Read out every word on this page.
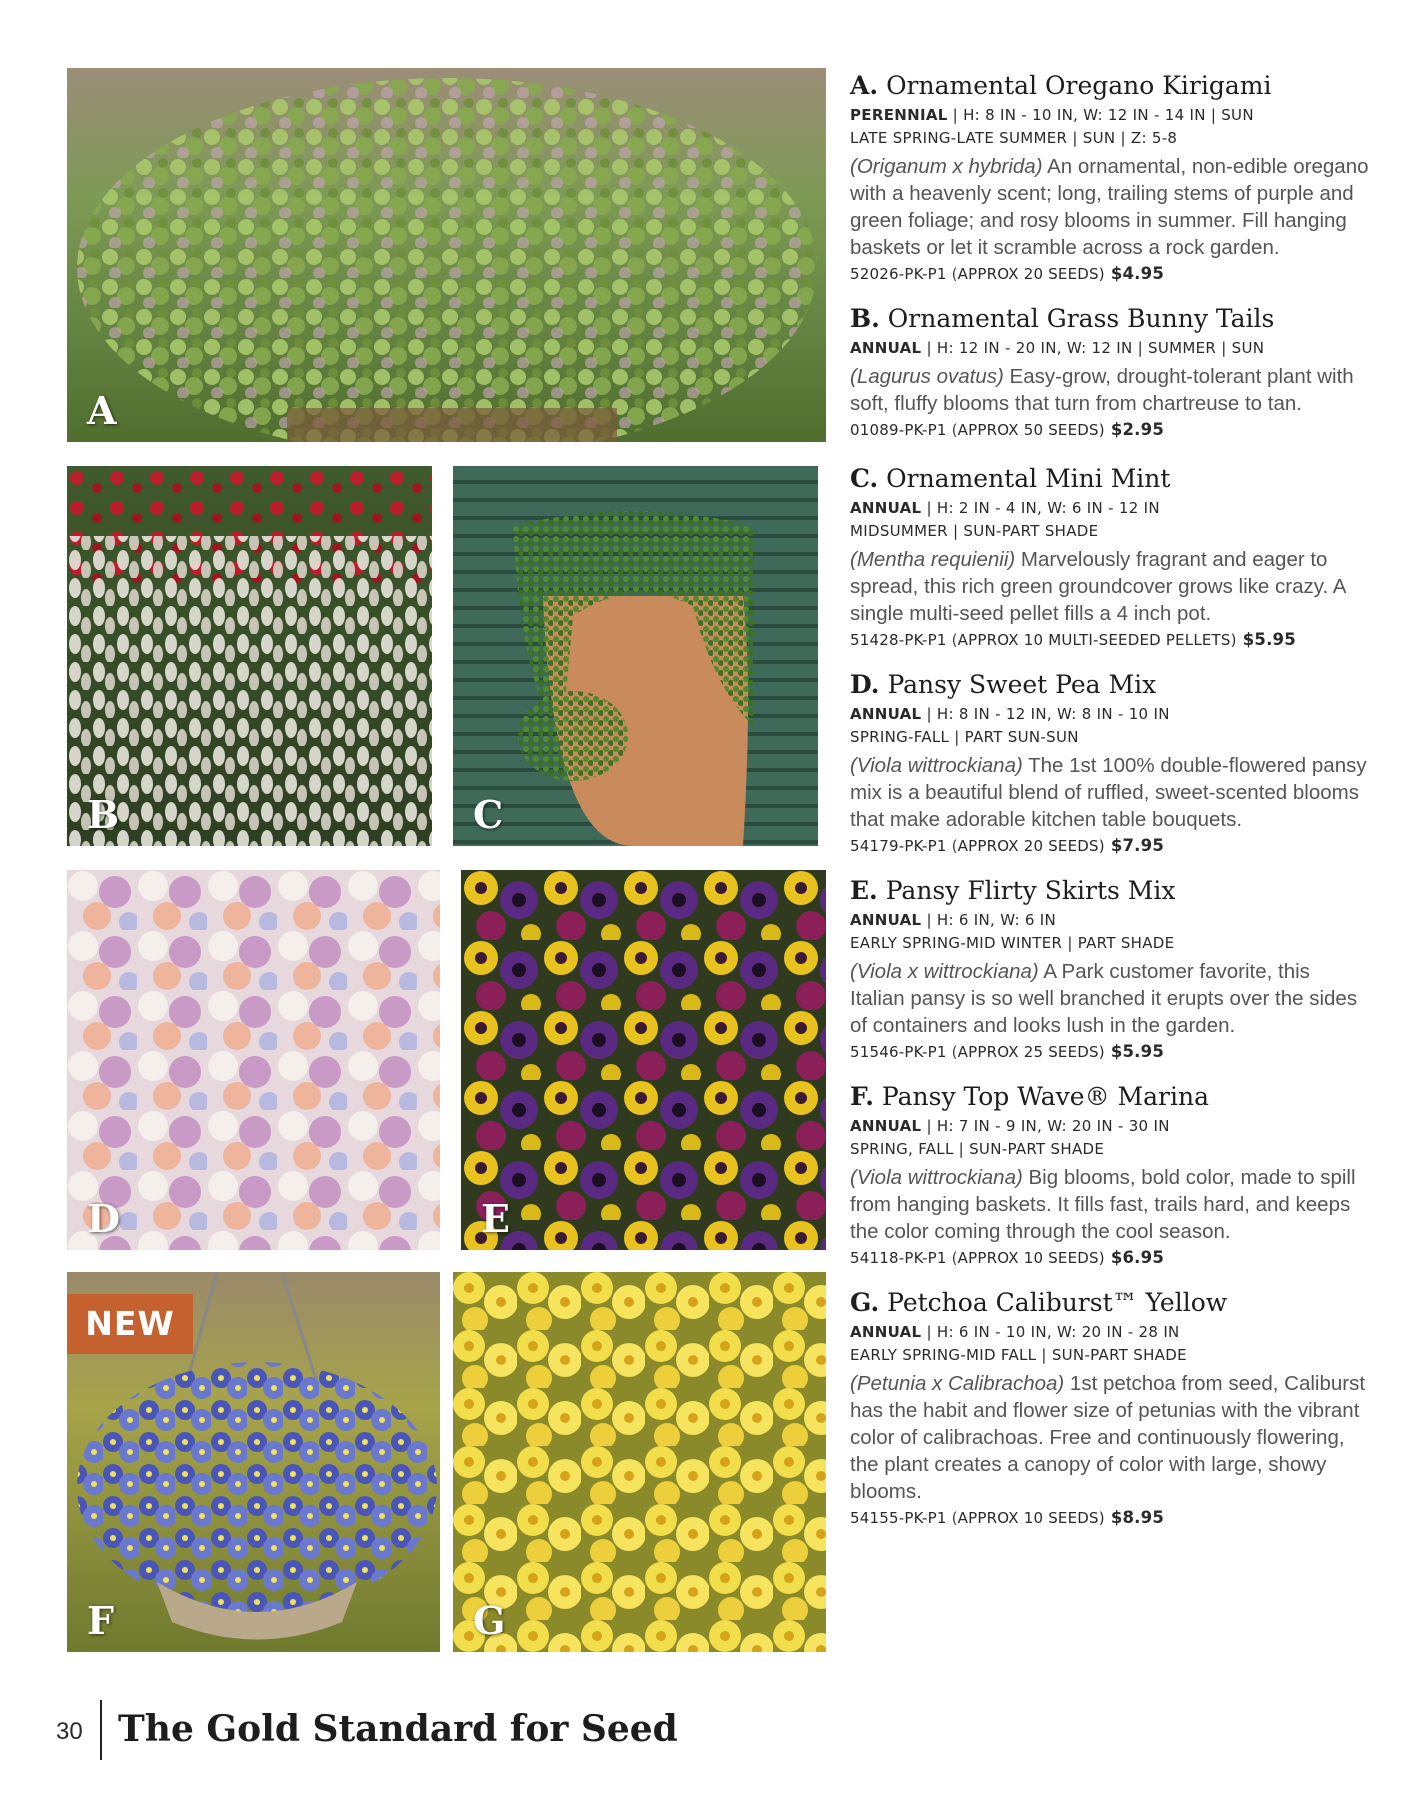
A
B	C
D	E
NEW
F	G
A. Ornamental Oregano Kirigami
PERENNIAL | H: 8 IN - 10 IN, W: 12 IN - 14 IN | SUN
LATE SPRING-LATE SUMMER | SUN | Z: 5-8
(Origanum x hybrida) An ornamental, non-edible oregano with a heavenly scent; long, trailing stems of purple and green foliage; and rosy blooms in summer. Fill hanging baskets or let it scramble across a rock garden.
52026-PK-P1 (APPROX 20 SEEDS) $4.95
B. Ornamental Grass Bunny Tails
ANNUAL | H: 12 IN - 20 IN, W: 12 IN | SUMMER | SUN
(Lagurus ovatus) Easy-grow, drought-tolerant plant with soft, fluffy blooms that turn from chartreuse to tan.
01089-PK-P1 (APPROX 50 SEEDS) $2.95
C. Ornamental Mini Mint
ANNUAL | H: 2 IN - 4 IN, W: 6 IN - 12 IN
MIDSUMMER | SUN-PART SHADE
(Mentha requienii) Marvelously fragrant and eager to spread, this rich green groundcover grows like crazy. A single multi-seed pellet fills a 4 inch pot.
51428-PK-P1 (APPROX 10 MULTI-SEEDED PELLETS) $5.95
D. Pansy Sweet Pea Mix
ANNUAL | H: 8 IN - 12 IN, W: 8 IN - 10 IN
SPRING-FALL | PART SUN-SUN
(Viola wittrockiana) The 1st 100% double-flowered pansy mix is a beautiful blend of ruffled, sweet-scented blooms that make adorable kitchen table bouquets.
54179-PK-P1 (APPROX 20 SEEDS) $7.95
E. Pansy Flirty Skirts Mix
ANNUAL | H: 6 IN, W: 6 IN
EARLY SPRING-MID WINTER | PART SHADE
(Viola x wittrockiana) A Park customer favorite, this Italian pansy is so well branched it erupts over the sides of containers and looks lush in the garden.
51546-PK-P1 (APPROX 25 SEEDS) $5.95
F. Pansy Top Wave® Marina
ANNUAL | H: 7 IN - 9 IN, W: 20 IN - 30 IN
SPRING, FALL | SUN-PART SHADE
(Viola wittrockiana) Big blooms, bold color, made to spill from hanging baskets. It fills fast, trails hard, and keeps the color coming through the cool season.
54118-PK-P1 (APPROX 10 SEEDS) $6.95
G. Petchoa Caliburst™ Yellow
ANNUAL | H: 6 IN - 10 IN, W: 20 IN - 28 IN
EARLY SPRING-MID FALL | SUN-PART SHADE
(Petunia x Calibrachoa) 1st petchoa from seed, Caliburst has the habit and flower size of petunias with the vibrant color of calibrachoas. Free and continuously flowering, the plant creates a canopy of color with large, showy blooms.
54155-PK-P1 (APPROX 10 SEEDS) $8.95
30 The Gold Standard for Seed
